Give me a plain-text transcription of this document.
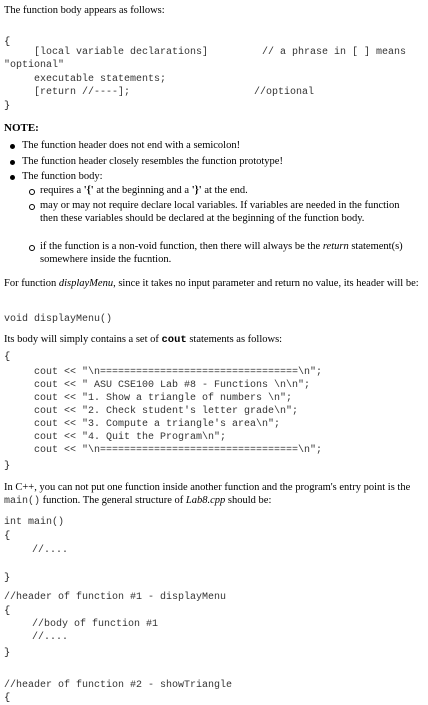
The function body appears as follows:
{
[local variable declarations]	// a phrase in [ ] means
"optional"
executable statements;
[return //----];	//optional
}
NOTE:
The function header does not end with a semicolon!
The function header closely resembles the function prototype!
The function body:
requires a '{' at the beginning and a '}' at the end.
may or may not require declare local variables. If variables are needed in the function then these variables should be declared at the beginning of the function body.
if the function is a non-void function, then there will always be the return statement(s) somewhere inside the fucntion.
For function displayMenu, since it takes no input parameter and return no value, its header will be:
void displayMenu()
Its body will simply contains a set of cout statements as follows:
{
cout << "\n=================================\n";
cout << " ASU CSE100 Lab #8 - Functions \n\n";
cout << "1. Show a triangle of numbers \n";
cout << "2. Check student's letter grade\n";
cout << "3. Compute a triangle's area\n";
cout << "4. Quit the Program\n";
cout << "\n=================================\n";
}
In C++, you can not put one function inside another function and the program's entry point is the main() function. The general structure of Lab8.cpp should be:
int main()
{
//....
}
//header of function #1 - displayMenu
{
//body of function #1
//....
}
//header of function #2 - showTriangle
{
